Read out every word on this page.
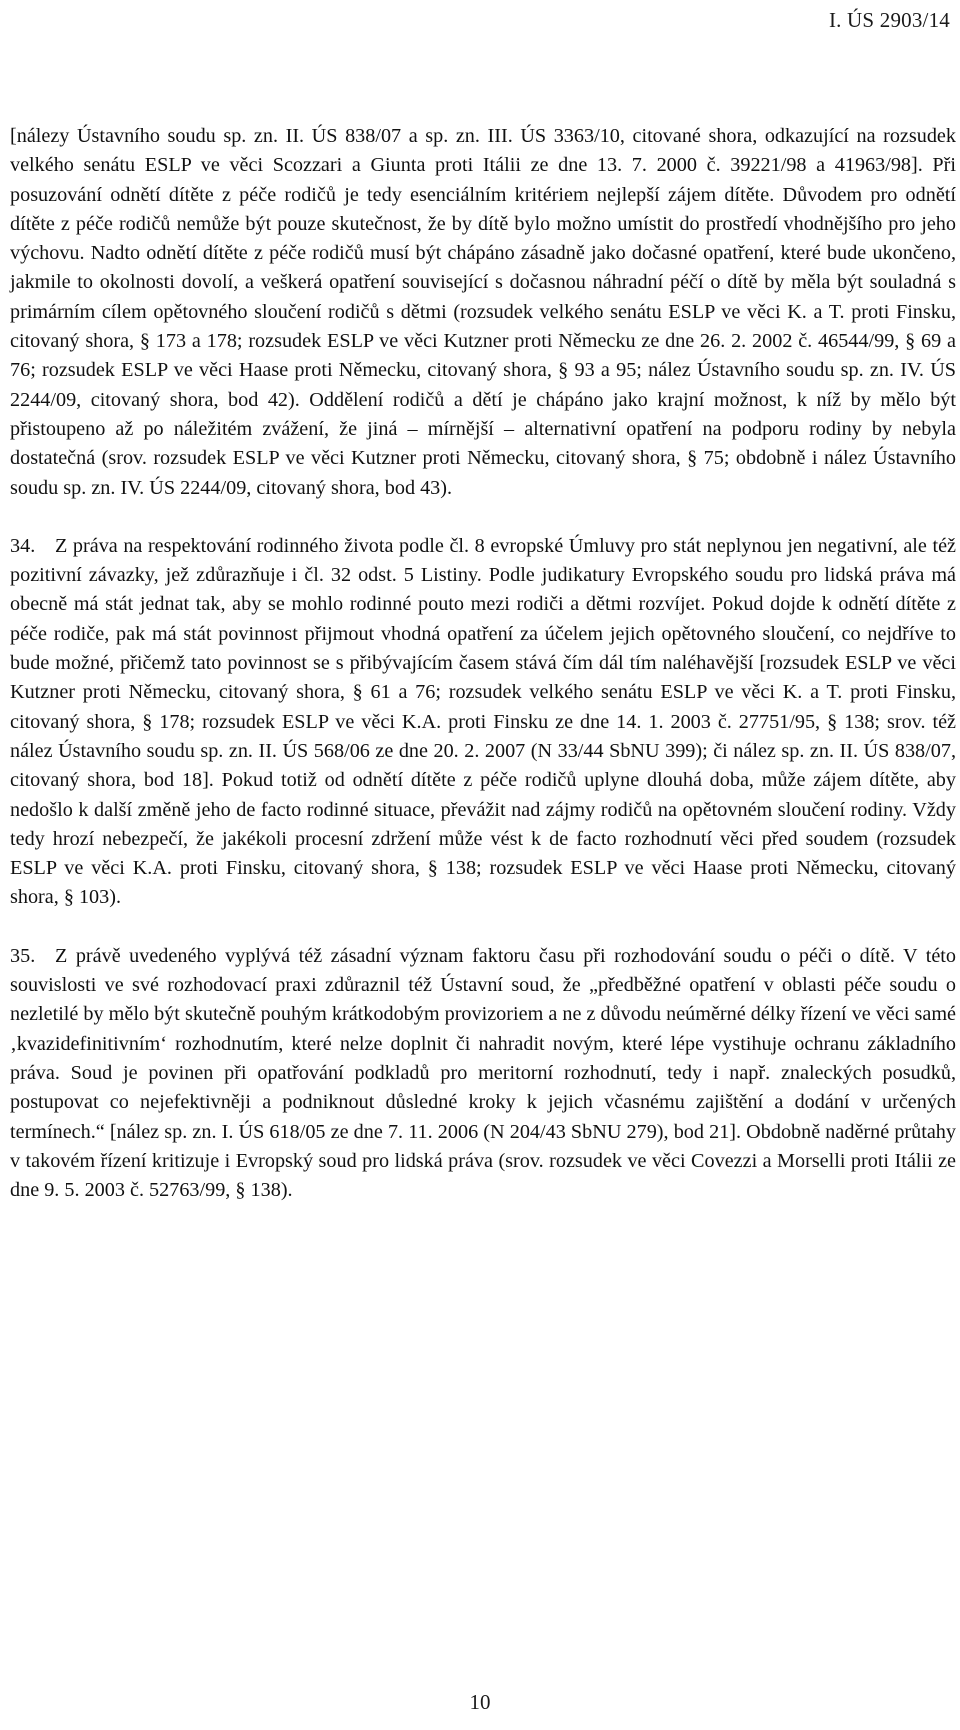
I. ÚS 2903/14

[nálezy Ústavního soudu sp. zn. II. ÚS 838/07 a sp. zn. III. ÚS 3363/10, citované shora, odkazující na rozsudek velkého senátu ESLP ve věci Scozzari a Giunta proti Itálii ze dne 13. 7. 2000 č. 39221/98 a 41963/98]. Při posuzování odnětí dítěte z péče rodičů je tedy esenciálním kritériem nejlepší zájem dítěte. Důvodem pro odnětí dítěte z péče rodičů nemůže být pouze skutečnost, že by dítě bylo možno umístit do prostředí vhodnějšího pro jeho výchovu. Nadto odnětí dítěte z péče rodičů musí být chápáno zásadně jako dočasné opatření, které bude ukončeno, jakmile to okolnosti dovolí, a veškerá opatření související s dočasnou náhradní péčí o dítě by měla být souladná s primárním cílem opětovného sloučení rodičů s dětmi (rozsudek velkého senátu ESLP ve věci K. a T. proti Finsku, citovaný shora, § 173 a 178; rozsudek ESLP ve věci Kutzner proti Německu ze dne 26. 2. 2002 č. 46544/99, § 69 a 76; rozsudek ESLP ve věci Haase proti Německu, citovaný shora, § 93 a 95; nález Ústavního soudu sp. zn. IV. ÚS 2244/09, citovaný shora, bod 42). Oddělení rodičů a dětí je chápáno jako krajní možnost, k níž by mělo být přistoupeno až po náležitém zvážení, že jiná – mírnější – alternativní opatření na podporu rodiny by nebyla dostatečná (srov. rozsudek ESLP ve věci Kutzner proti Německu, citovaný shora, § 75; obdobně i nález Ústavního soudu sp. zn. IV. ÚS 2244/09, citovaný shora, bod 43).

34. Z práva na respektování rodinného života podle čl. 8 evropské Úmluvy pro stát neplynou jen negativní, ale též pozitivní závazky, jež zdůrazňuje i čl. 32 odst. 5 Listiny. Podle judikatury Evropského soudu pro lidská práva má obecně má stát jednat tak, aby se mohlo rodinné pouto mezi rodiči a dětmi rozvíjet. Pokud dojde k odnětí dítěte z péče rodiče, pak má stát povinnost přijmout vhodná opatření za účelem jejich opětovného sloučení, co nejdříve to bude možné, přičemž tato povinnost se s přibývajícím časem stává čím dál tím naléhavější [rozsudek ESLP ve věci Kutzner proti Německu, citovaný shora, § 61 a 76; rozsudek velkého senátu ESLP ve věci K. a T. proti Finsku, citovaný shora, § 178; rozsudek ESLP ve věci K.A. proti Finsku ze dne 14. 1. 2003 č. 27751/95, § 138; srov. též nález Ústavního soudu sp. zn. II. ÚS 568/06 ze dne 20. 2. 2007 (N 33/44 SbNU 399); či nález sp. zn. II. ÚS 838/07, citovaný shora, bod 18]. Pokud totiž od odnětí dítěte z péče rodičů uplyne dlouhá doba, může zájem dítěte, aby nedošlo k další změně jeho de facto rodinné situace, převážit nad zájmy rodičů na opětovném sloučení rodiny. Vždy tedy hrozí nebezpečí, že jakékoli procesní zdržení může vést k de facto rozhodnutí věci před soudem (rozsudek ESLP ve věci K.A. proti Finsku, citovaný shora, § 138; rozsudek ESLP ve věci Haase proti Německu, citovaný shora, § 103).

35. Z právě uvedeného vyplývá též zásadní význam faktoru času při rozhodování soudu o péči o dítě. V této souvislosti ve své rozhodovací praxi zdůraznil též Ústavní soud, že „předběžné opatření v oblasti péče soudu o nezletilé by mělo být skutečně pouhým krátkodobým provizoriem a ne z důvodu neúměrné délky řízení ve věci samé ‚kvazidefinitivním‘ rozhodnutím, které nelze doplnit či nahradit novým, které lépe vystihuje ochranu základního práva. Soud je povinen při opatřování podkladů pro meritorní rozhodnutí, tedy i např. znaleckých posudků, postupovat co nejefektivněji a podniknout důsledné kroky k jejich včasnému zajištění a dodání v určených termínech.“ [nález sp. zn. I. ÚS 618/05 ze dne 7. 11. 2006 (N 204/43 SbNU 279), bod 21]. Obdobně naděrné průtahy v takovém řízení kritizuje i Evropský soud pro lidská práva (srov. rozsudek ve věci Covezzi a Morselli proti Itálii ze dne 9. 5. 2003 č. 52763/99, § 138).

10
